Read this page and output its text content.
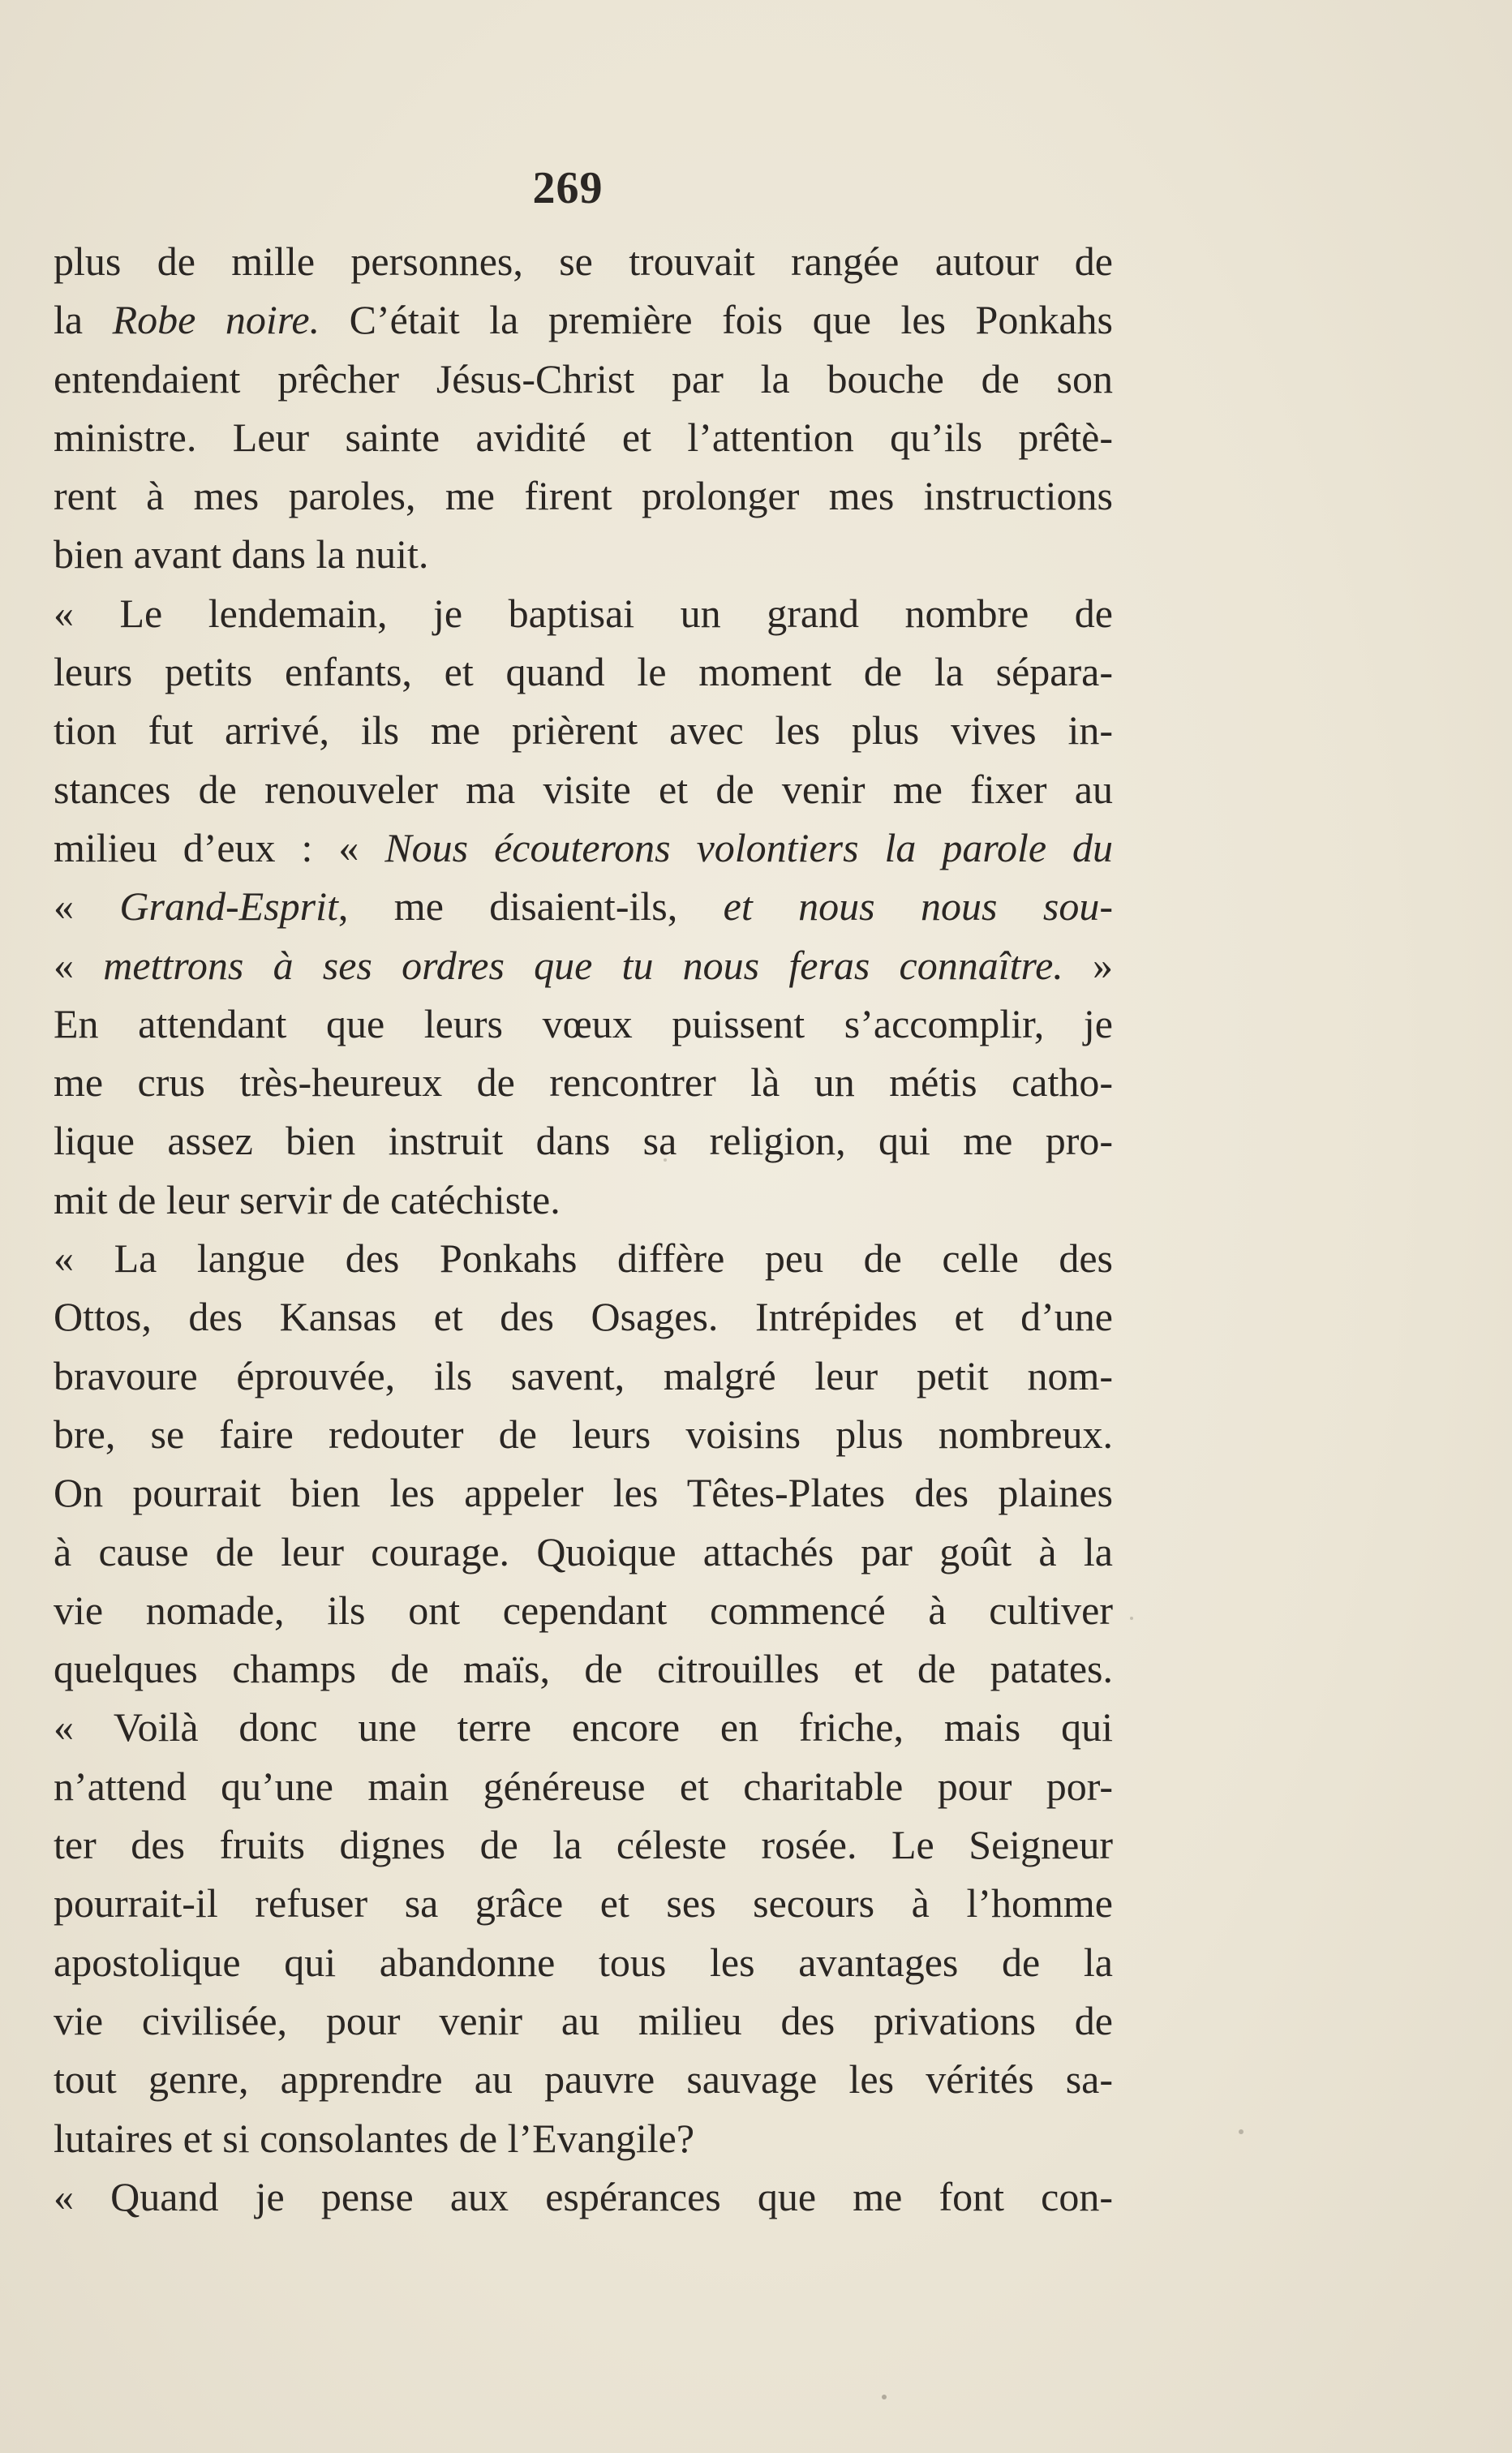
269
plus de mille personnes, se trouvait rangée autour de
la Robe noire. C’était la première fois que les Ponkahs
entendaient prêcher Jésus-Christ par la bouche de son
ministre. Leur sainte avidité et l’attention qu’ils prêtè-
rent à mes paroles, me firent prolonger mes instructions
bien avant dans la nuit.
« Le lendemain, je baptisai un grand nombre de
leurs petits enfants, et quand le moment de la sépara-
tion fut arrivé, ils me prièrent avec les plus vives in-
stances de renouveler ma visite et de venir me fixer au
milieu d’eux : « Nous écouterons volontiers la parole du
« Grand-Esprit, me disaient-ils, et nous nous sou-
« mettrons à ses ordres que tu nous feras connaître. »
En attendant que leurs vœux puissent s’accomplir, je
me crus très-heureux de rencontrer là un métis catho-
lique assez bien instruit dans sa religion, qui me pro-
mit de leur servir de catéchiste.
« La langue des Ponkahs diffère peu de celle des
Ottos, des Kansas et des Osages. Intrépides et d’une
bravoure éprouvée, ils savent, malgré leur petit nom-
bre, se faire redouter de leurs voisins plus nombreux.
On pourrait bien les appeler les Têtes-Plates des plaines
à cause de leur courage. Quoique attachés par goût à la
vie nomade, ils ont cependant commencé à cultiver
quelques champs de maïs, de citrouilles et de patates.
« Voilà donc une terre encore en friche, mais qui
n’attend qu’une main généreuse et charitable pour por-
ter des fruits dignes de la céleste rosée. Le Seigneur
pourrait-il refuser sa grâce et ses secours à l’homme
apostolique qui abandonne tous les avantages de la
vie civilisée, pour venir au milieu des privations de
tout genre, apprendre au pauvre sauvage les vérités sa-
lutaires et si consolantes de l’Evangile?
« Quand je pense aux espérances que me font con-
